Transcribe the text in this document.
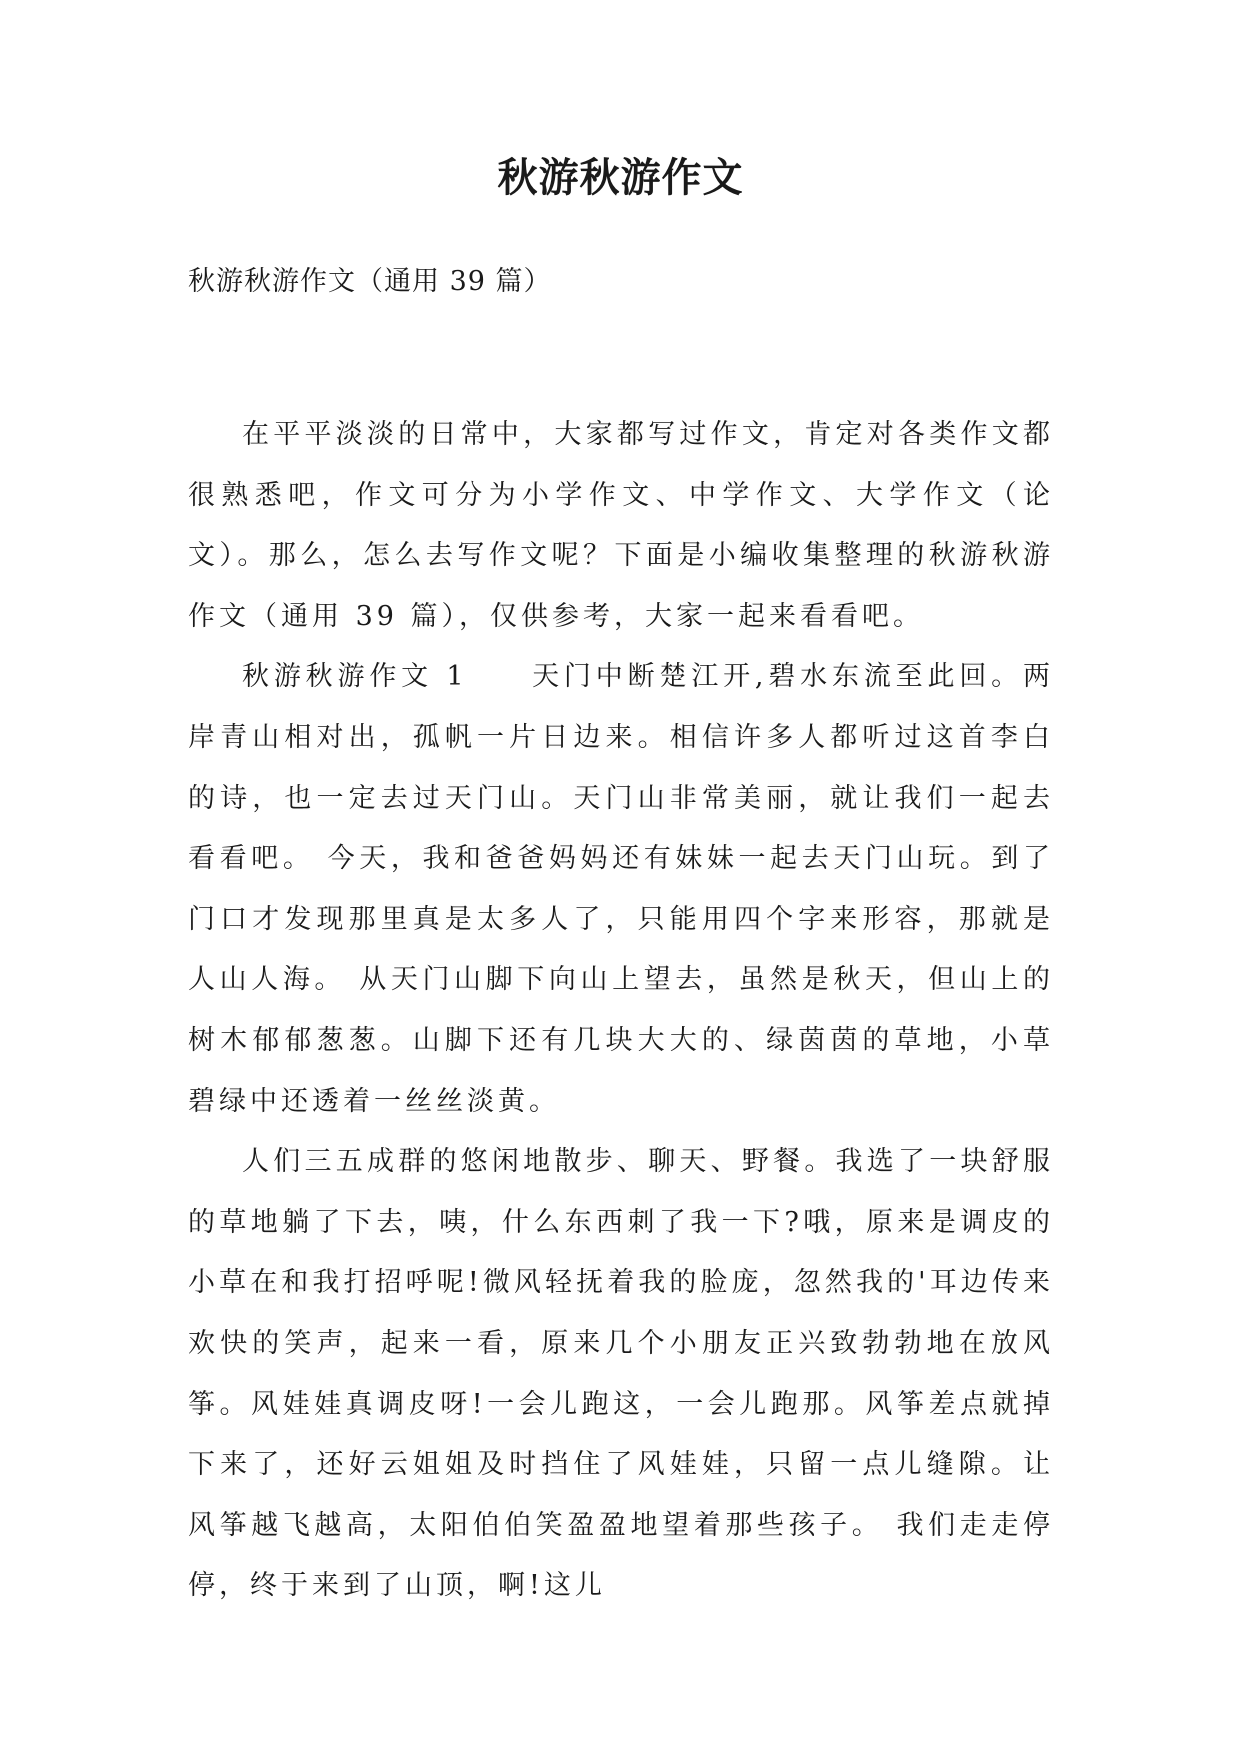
秋游秋游作文
秋游秋游作文（通用 39 篇）

在平平淡淡的日常中，大家都写过作文，肯定对各类作文都很熟悉吧，作文可分为小学作文、中学作文、大学作文（论文）。那么，怎么去写作文呢？下面是小编收集整理的秋游秋游作文（通用 39 篇），仅供参考，大家一起来看看吧。

秋游秋游作文 1　　天门中断楚江开,碧水东流至此回。两岸青山相对出，孤帆一片日边来。相信许多人都听过这首李白的诗，也一定去过天门山。天门山非常美丽，就让我们一起去看看吧。 今天，我和爸爸妈妈还有妹妹一起去天门山玩。到了门口才发现那里真是太多人了，只能用四个字来形容，那就是人山人海。 从天门山脚下向山上望去，虽然是秋天，但山上的树木郁郁葱葱。山脚下还有几块大大的、绿茵茵的草地，小草碧绿中还透着一丝丝淡黄。

人们三五成群的悠闲地散步、聊天、野餐。我选了一块舒服的草地躺了下去，咦，什么东西刺了我一下?哦，原来是调皮的小草在和我打招呼呢!微风轻抚着我的脸庞，忽然我的'耳边传来欢快的笑声，起来一看，原来几个小朋友正兴致勃勃地在放风筝。风娃娃真调皮呀!一会儿跑这，一会儿跑那。风筝差点就掉下来了，还好云姐姐及时挡住了风娃娃，只留一点儿缝隙。让风筝越飞越高，太阳伯伯笑盈盈地望着那些孩子。 我们走走停停，终于来到了山顶，啊!这儿
